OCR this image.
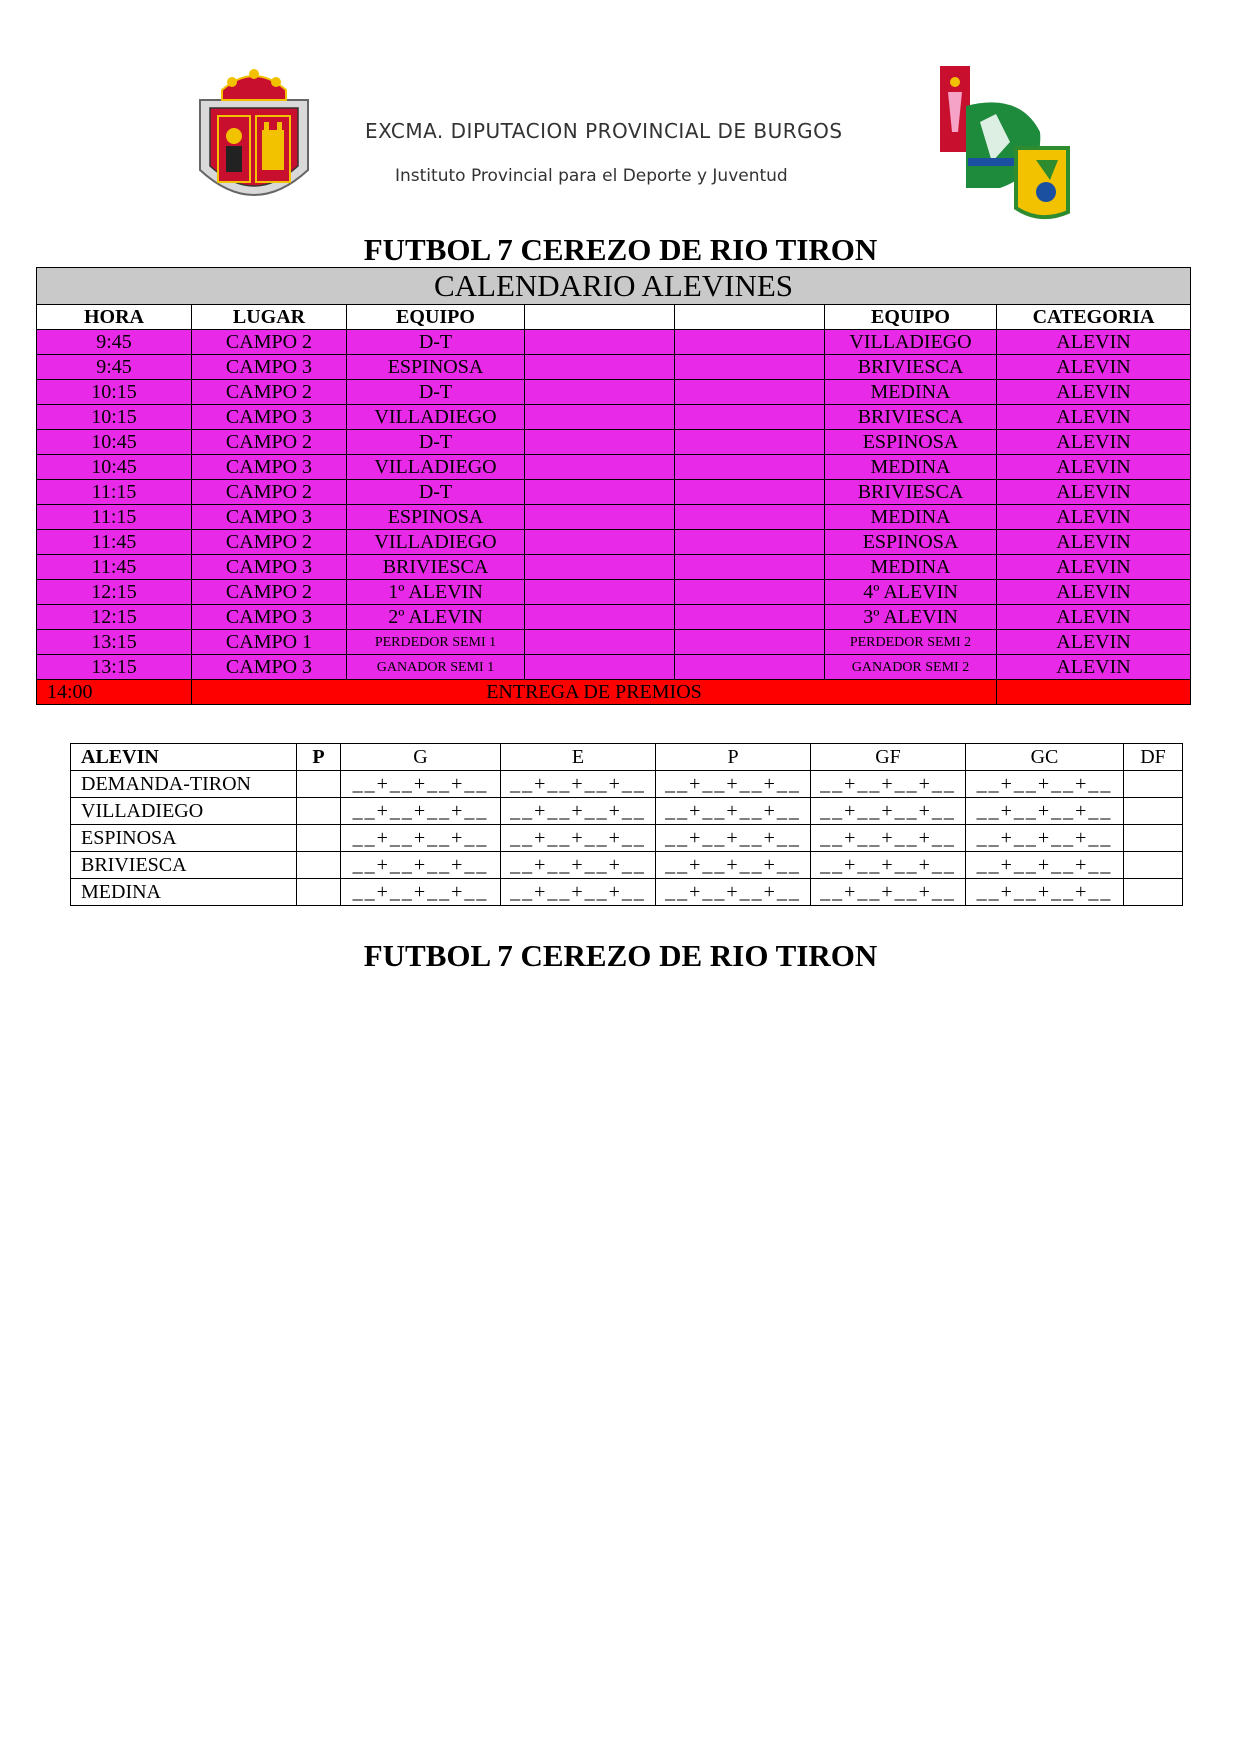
EXCMA. DIPUTACION PROVINCIAL DE BURGOS
Instituto Provincial para el Deporte y Juventud
FUTBOL 7 CEREZO DE RIO TIRON
CALENDARIO ALEVINES						
HORA	LUGAR	EQUIPO			EQUIPO	CATEGORIA
9:45	CAMPO 2	D-T			VILLADIEGO	ALEVIN
9:45	CAMPO 3	ESPINOSA			BRIVIESCA	ALEVIN
10:15	CAMPO 2	D-T			MEDINA	ALEVIN
10:15	CAMPO 3	VILLADIEGO			BRIVIESCA	ALEVIN
10:45	CAMPO 2	D-T			ESPINOSA	ALEVIN
10:45	CAMPO 3	VILLADIEGO			MEDINA	ALEVIN
11:15	CAMPO 2	D-T			BRIVIESCA	ALEVIN
11:15	CAMPO 3	ESPINOSA			MEDINA	ALEVIN
11:45	CAMPO 2	VILLADIEGO			ESPINOSA	ALEVIN
11:45	CAMPO 3	BRIVIESCA			MEDINA	ALEVIN
12:15	CAMPO 2	1º ALEVIN			4º ALEVIN	ALEVIN
12:15	CAMPO 3	2º ALEVIN			3º ALEVIN	ALEVIN
13:15	CAMPO 1	PERDEDOR SEMI 1			PERDEDOR SEMI 2	ALEVIN
13:15	CAMPO 3	GANADOR SEMI 1			GANADOR SEMI 2	ALEVIN
14:00	ENTREGA DE PREMIOS					
ALEVIN	P	G	E	P	GF	GC	DF
DEMANDA-TIRON		__+__+__+__	__+__+__+__	__+__+__+__	__+__+__+__	__+__+__+__	
VILLADIEGO		__+__+__+__	__+__+__+__	__+__+__+__	__+__+__+__	__+__+__+__	
ESPINOSA		__+__+__+__	__+__+__+__	__+__+__+__	__+__+__+__	__+__+__+__	
BRIVIESCA		__+__+__+__	__+__+__+__	__+__+__+__	__+__+__+__	__+__+__+__	
MEDINA		__+__+__+__	__+__+__+__	__+__+__+__	__+__+__+__	__+__+__+__	
FUTBOL 7 CEREZO DE RIO TIRON
